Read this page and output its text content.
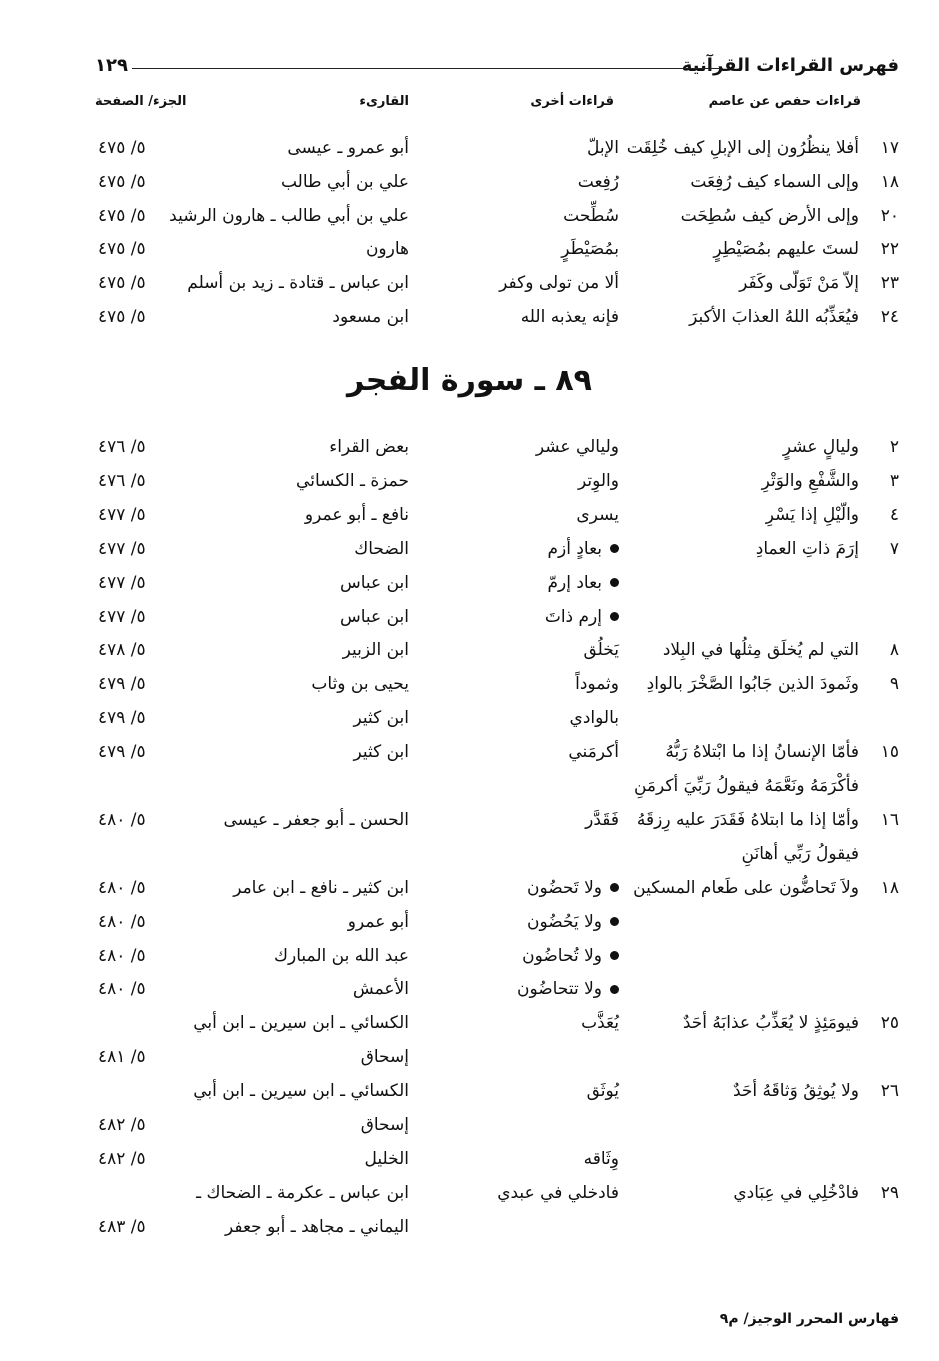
فهرس القراءات القرآنية
١٢٩
قراءات حفص عن عاصم
قراءات أخرى
القارىء
الجزء/ الصفحة
١٧
أفلا ينظُرُون إلى الإبلِ كيف خُلِقَت
الإبلّ
أبو عمرو ـ عيسى
٥/ ٤٧٥
١٨
وإلى السماء كيف رُفِعَت
رُفِعت
علي بن أبي طالب
٥/ ٤٧٥
٢٠
وإلى الأرض كيف سُطِحَت
سُطِّحت
علي بن أبي طالب ـ هارون الرشيد
٥/ ٤٧٥
٢٢
لستَ عليهم بمُصَيْطِرٍ
بمُصَيْطَرٍ
هارون
٥/ ٤٧٥
٢٣
إلاّ مَنْ تَوَلّى وكَفَر
ألا من تولى وكفر
ابن عباس ـ قتادة ـ زيد بن أسلم
٥/ ٤٧٥
٢٤
فيُعَذِّبُه اللهُ العذابَ الأكبرَ
فإنه يعذبه الله
ابن مسعود
٥/ ٤٧٥
٨٩ ـ سورة الفجر
٢
وليالٍ عشرٍ
وليالي عشر
بعض القراء
٥/ ٤٧٦
٣
والشَّفْعِ والوَتْرِ
والوِتر
حمزة ـ الكسائي
٥/ ٤٧٦
٤
والّيْلِ إذا يَسْرِ
يسرى
نافع ـ أبو عمرو
٥/ ٤٧٧
٧
إرَمَ ذاتِ العمادِ
بعادٍ أزم
الضحاك
٥/ ٤٧٧
بعاد إرمّ
ابن عباس
٥/ ٤٧٧
إرم ذاتَ
ابن عباس
٥/ ٤٧٧
٨
التي لم يُخلَق مِثلُها في البِلاد
يَخلُق
ابن الزبير
٥/ ٤٧٨
٩
وثَمودَ الذين جَابُوا الصَّخْرَ بالوادِ
وثموداً
يحيى بن وثاب
٥/ ٤٧٩
بالوادي
ابن كثير
٥/ ٤٧٩
١٥
فأمّا الإنسانُ إذا ما ابْتلاهُ رَبُّهُ
أكرمَني
ابن كثير
٥/ ٤٧٩
فأكْرَمَهُ ونَعَّمَهُ فيقولُ رَبِّيَ أكرمَنِ
١٦
وأمّا إذا ما ابتلاهُ فَقَدَرَ عليه رِزقَهُ
فَقَدَّر
الحسن ـ أبو جعفر ـ عيسى
٥/ ٤٨٠
فيقولُ رَبِّي أهانَنِ
١٨
ولاَ تَحاضُّون على طَعام المسكين
ولا تَحضُون
ابن كثير ـ نافع ـ ابن عامر
٥/ ٤٨٠
ولا يَحُضُون
أبو عمرو
٥/ ٤٨٠
ولا تُحاضُون
عبد الله بن المبارك
٥/ ٤٨٠
ولا تتحاضُون
الأعمش
٥/ ٤٨٠
٢٥
فيومَئِذٍ لا يُعَذِّبُ عذابَهُ أحَدٌ
يُعَذَّب
الكسائي ـ ابن سيرين ـ ابن أبي
إسحاق
٥/ ٤٨١
٢٦
ولا يُوثِقُ وَثاقَهُ أحَدٌ
يُوثَق
الكسائي ـ ابن سيرين ـ ابن أبي
إسحاق
٥/ ٤٨٢
وِثَاقه
الخليل
٥/ ٤٨٢
٢٩
فادْخُلِي في عِبَادي
فادخلي في عبدي
ابن عباس ـ عكرمة ـ الضحاك ـ
اليماني ـ مجاهد ـ أبو جعفر
٥/ ٤٨٣
فهارس المحرر الوجيز/ م٩
